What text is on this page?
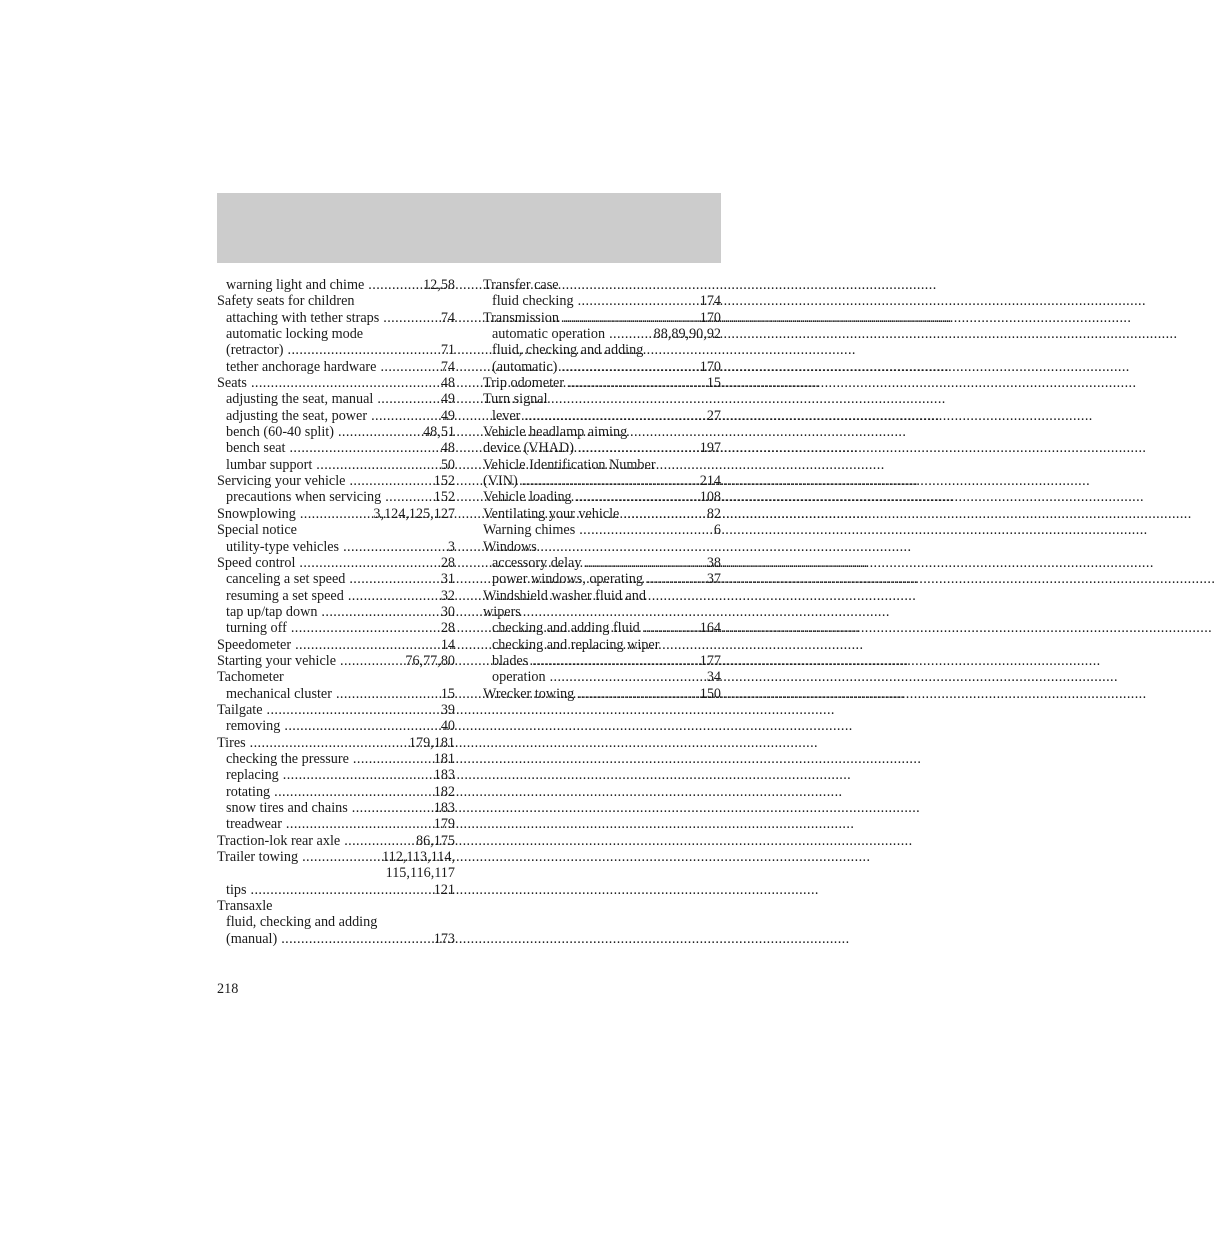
warning light and chime .....	12,58
Safety seats for children
attaching with tether straps .....	74
automatic locking mode
(retractor) .....	71
tether anchorage hardware .....	74
Seats .....	48
adjusting the seat, manual .....	49
adjusting the seat, power .....	49
bench (60-40 split) .....	48,51
bench seat .....	48
lumbar support .....	50
Servicing your vehicle .....	152
precautions when servicing .....	152
Snowplowing .....	3,124,125,127
Special notice
utility-type vehicles .....	3
Speed control .....	28
canceling a set speed .....	31
resuming a set speed .....	32
tap up/tap down .....	30
turning off .....	28
Speedometer .....	14
Starting your vehicle .....	76,77,80
Tachometer
mechanical cluster .....	15
Tailgate .....	39
removing .....	40
Tires .....	179,181
checking the pressure .....	181
replacing .....	183
rotating .....	182
snow tires and chains .....	183
treadwear .....	179
Traction-lok rear axle .....	86,175
Trailer towing .....	112,113,114,
115,116,117
tips .....	121
Transaxle
fluid, checking and adding
(manual) .....	173
Transfer case
fluid checking .....	174
Transmission .....	170
automatic operation .....	88,89,90,92
fluid, checking and adding
(automatic) .....	170
Trip odometer .....	15
Turn signal
lever .....	27
Vehicle headlamp aiming
device (VHAD) .....	197
Vehicle Identification Number
(VIN) .....	214
Vehicle loading .....	108
Ventilating your vehicle .....	82
Warning chimes .....	6
Windows
accessory delay .....	38
power windows, operating .....	37
Windshield washer fluid and
wipers
checking and adding fluid .....	164
checking and replacing wiper
blades .....	177
operation .....	34
Wrecker towing .....	150
218
